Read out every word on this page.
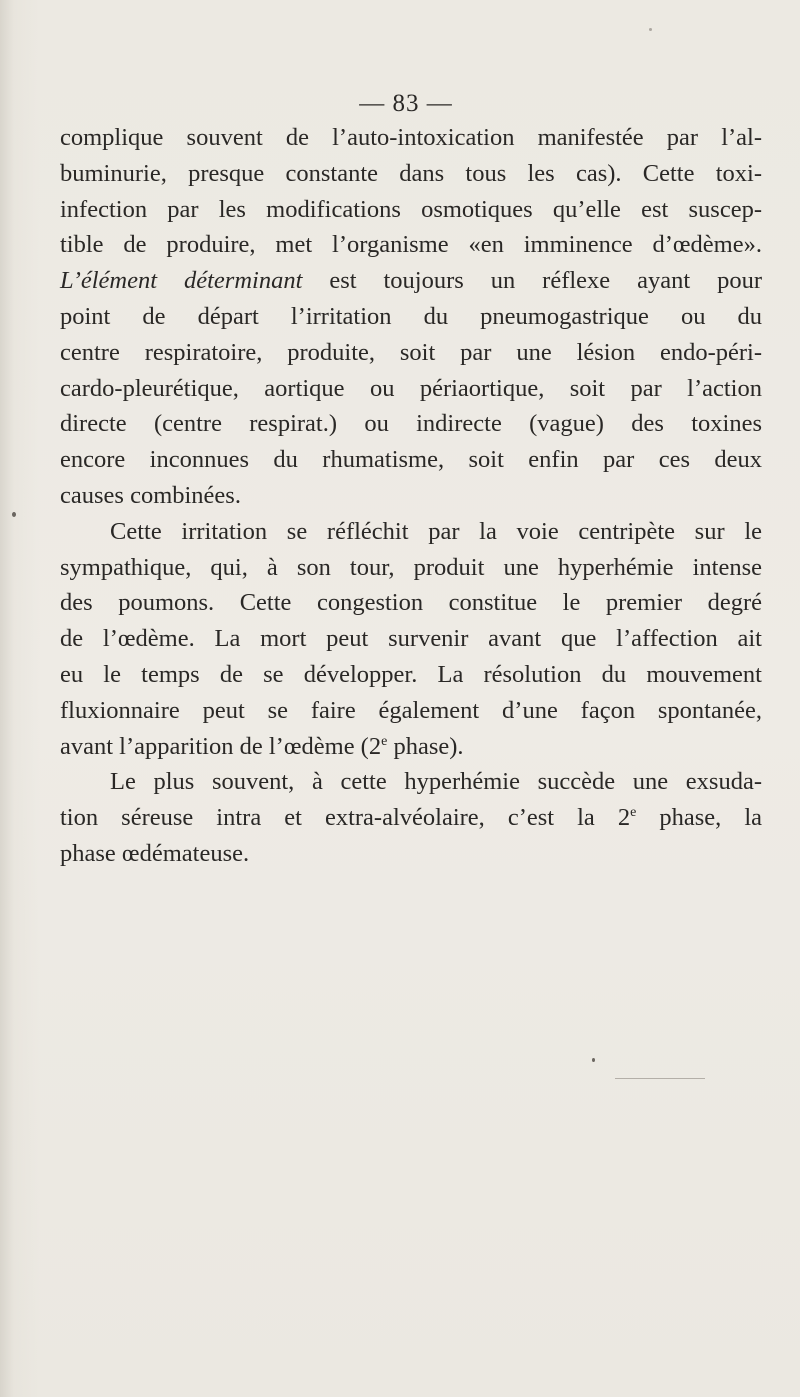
— 83 —
complique souvent de l’auto-intoxication manifestée par l’al-
buminurie, presque constante dans tous les cas). Cette toxi-
infection par les modifications osmotiques qu’elle est suscep-
tible de produire, met l’organisme «en imminence d’œdème».
L’élément déterminant est toujours un réflexe ayant pour
point de départ l’irritation du pneumogastrique ou du
centre respiratoire, produite, soit par une lésion endo-péri-
cardo-pleurétique, aortique ou périaortique, soit par l’action
directe (centre respirat.) ou indirecte (vague) des toxines
encore inconnues du rhumatisme, soit enfin par ces deux
causes combinées.
Cette irritation se réfléchit par la voie centripète sur le
sympathique, qui, à son tour, produit une hyperhémie intense
des poumons. Cette congestion constitue le premier degré
de l’œdème. La mort peut survenir avant que l’affection ait
eu le temps de se développer. La résolution du mouvement
fluxionnaire peut se faire également d’une façon spontanée,
avant l’apparition de l’œdème (2e phase).
Le plus souvent, à cette hyperhémie succède une exsuda-
tion séreuse intra et extra-alvéolaire, c’est la 2e phase, la
phase œdémateuse.
